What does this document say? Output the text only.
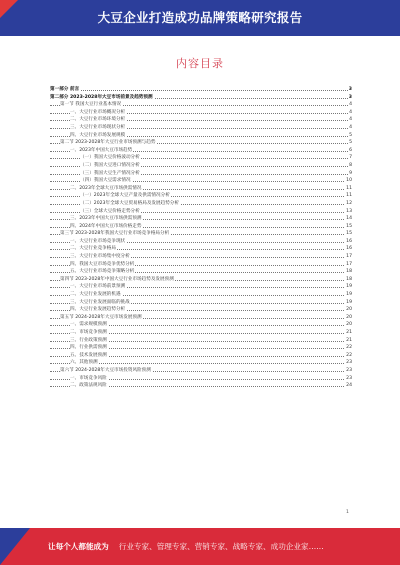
大豆企业打造成功品牌策略研究报告
内容目录
第一部分 前言	3
第二部分 2023-2028年大豆市场前景及趋势预测	3
第一节 我国大豆行业基本情况	4
一、大豆行业市场概况分析	4
二、大豆行业市场环境分析	4
三、大豆行业市场现状分析	4
四、大豆行业市场发展规模	5
第二节 2023-2028年大豆行业市场预测与趋势	5
一、2023年中国大豆市场趋势	6
（一）我国大豆价格波动分析	7
（二）我国大豆进口情况分析	8
（三）我国大豆生产情况分析	9
（四）我国大豆需求情况	10
二、2023年全球大豆市场供需情况	11
（一）2023年全球大豆产量及供需情况分析	11
（二）2023年全球大豆贸易格局及发展趋势分析	12
（三）全球大豆价格走势分析	13
三、2023年中国大豆市场供需预测	14
四、2024年中国大豆市场价格走势	15
第三节 2023-2028年我国大豆行业市场竞争格局分析	15
一、大豆行业市场竞争现状	16
二、大豆行业竞争格局	16
三、大豆行业市场集中度分析	17
四、我国大豆市场竞争优势分析	17
五、大豆行业市场竞争策略分析	18
第四节 2023-2028年中国大豆行业市场趋势及发展预测	18
一、大豆行业市场前景预测	19
二、大豆行业发展的机遇	19
三、大豆行业发展面临的挑战	19
四、大豆行业发展趋势分析	20
第五节 2024-2028年大豆市场发展预测	20
一、需求规模预测	20
二、市场竞争预测	21
三、行业政策预测	21
四、行业供需预测	22
五、技术发展预测	22
六、其他预测	23
第六节 2024-2028年大豆市场投资风险预测	23
一、市场竞争风险	23
二、政策法规风险	24
1
让每个人都能成为 行业专家、管理专家、营销专家、战略专家、成功企业家……
